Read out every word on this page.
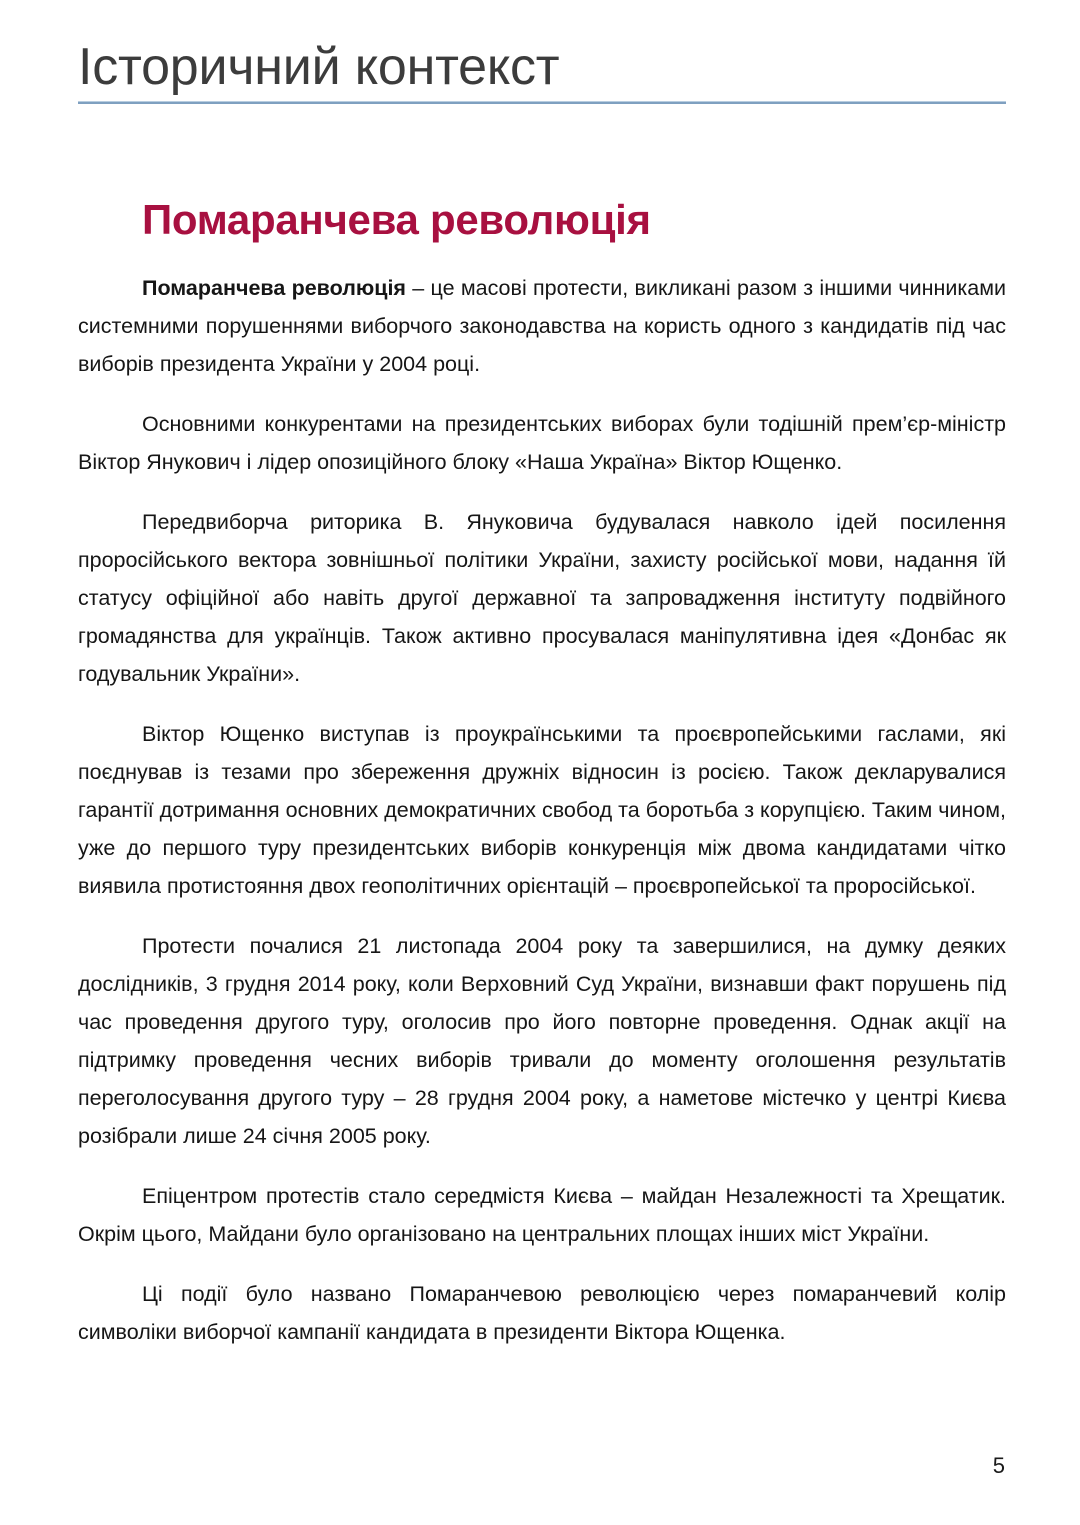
Історичний контекст
Помаранчева революція

Помаранчева революція – це масові протести, викликані разом з іншими чинниками системними порушеннями виборчого законодавства на користь одного з кандидатів під час виборів президента України у 2004 році.

Основними конкурентами на президентських виборах були тодішній прем’єр-міністр Віктор Янукович і лідер опозиційного блоку «Наша Україна» Віктор Ющенко.

Передвиборча риторика В. Януковича будувалася навколо ідей посилення проросійського вектора зовнішньої політики України, захисту російської мови, надання їй статусу офіційної або навіть другої державної та запровадження інституту подвійного громадянства для українців. Також активно просувалася маніпулятивна ідея «Донбас як годувальник України».

Віктор Ющенко виступав із проукраїнськими та проєвропейськими гаслами, які поєднував із тезами про збереження дружніх відносин із росією. Також декларувалися гарантії дотримання основних демократичних свобод та боротьба з корупцією. Таким чином, уже до першого туру президентських виборів конкуренція між двома кандидатами чітко виявила протистояння двох геополітичних орієнтацій – проєвропейської та проросійської.

Протести почалися 21 листопада 2004 року та завершилися, на думку деяких дослідників, 3 грудня 2014 року, коли Верховний Суд України, визнавши факт порушень під час проведення другого туру, оголосив про його повторне проведення. Однак акції на підтримку проведення чесних виборів тривали до моменту оголошення результатів переголосування другого туру – 28 грудня 2004 року, а наметове містечко у центрі Києва розібрали лише 24 січня 2005 року.

Епіцентром протестів стало середмістя Києва – майдан Незалежності та Хрещатик. Окрім цього, Майдани було організовано на центральних площах інших міст України.

Ці події було названо Помаранчевою революцією через помаранчевий колір символіки виборчої кампанії кандидата в президенти Віктора Ющенка.

5
